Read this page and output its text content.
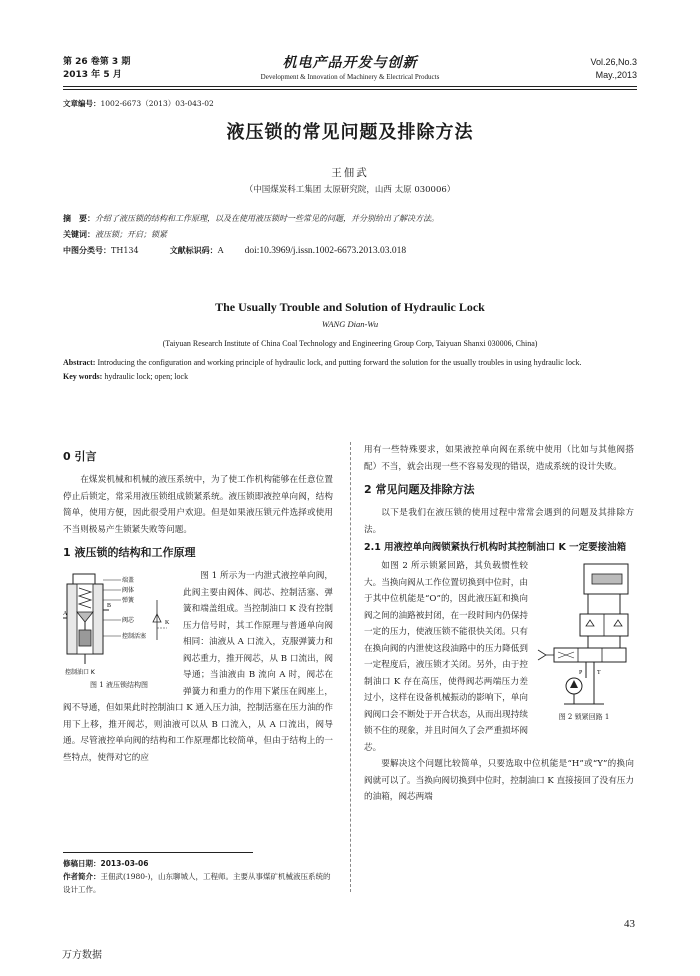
第 26 卷第 3 期
2013 年 5 月
机电产品开发与创新
Development & Innovation of Machinery & Electrical Products
Vol.26,No.3
May.,2013
文章编号：1002-6673（2013）03-043-02
液压锁的常见问题及排除方法
王佃武
（中国煤炭科工集团 太原研究院，山西 太原 030006）
摘　要：介绍了液压锁的结构和工作原理，以及在使用液压锁时一些常见的问题，并分别给出了解决方法。
关键词：液压锁；开启；锁紧
中图分类号：TH134	文献标识码：A doi:10.3969/j.issn.1002-6673.2013.03.018
The Usually Trouble and Solution of Hydraulic Lock
WANG Dian-Wu
(Taiyuan Research Institute of China Coal Technology and Engineering Group Corp, Taiyuan Shanxi 030006, China)
Abstract: Introducing the configuration and working principle of hydraulic lock, and putting forward the solution for the usually troubles in using hydraulic lock.
Key words: hydraulic lock; open; lock
0 引言

在煤炭机械和机械的液压系统中，为了使工作机构能够在任意位置停止后锁定，常采用液压锁组成锁紧系统。液压锁即液控单向阀，结构简单，使用方便，因此很受用户欢迎。但是如果液压锁元件选择或使用不当则极易产生锁紧失败等问题。

1 液压锁的结构和工作原理
端盖
阀体
弹簧
阀芯
控制活塞
控制油口 K
A
B
K
图 1 液压锁结构图

图 1 所示为一内泄式液控单向阀，此阀主要由阀体、阀芯、控制活塞、弹簧和端盖组成。当控制油口 K 没有控制压力信号时，其工作原理与普通单向阀相同：油液从 A 口流入，克服弹簧力和阀芯重力，推开阀芯，从 B 口流出，阀导通；当油液由 B 流向 A 时，阀芯在弹簧力和重力的作用下紧压在阀座上，阀不导通，但如果此时控制油口 K 通入压力油，控制活塞在压力油的作用下上移，推开阀芯，则油液可以从 B 口流入，从 A 口流出，阀导通。尽管液控单向阀的结构和工作原理都比较简单，但由于结构上的一些特点，使得对它的应

用有一些特殊要求，如果液控单向阀在系统中使用（比如与其他阀搭配）不当，就会出现一些不容易发现的错误，造成系统的设计失败。

2 常见问题及排除方法

以下是我们在液压锁的使用过程中常常会遇到的问题及其排除方法。

2.1 用液控单向阀锁紧执行机构时其控制油口 K 一定要接油箱
P T
图 2 锁紧回路 1

如图 2 所示锁紧回路，其负载惯性较大。当换向阀从工作位置切换到中位时，由于其中位机能是“O”的，因此液压缸和换向阀之间的油路被封闭，在一段时间内仍保持一定的压力，使液压锁不能很快关闭。只有在换向阀的内泄使这段油路中的压力降低到一定程度后，液压锁才关闭。另外，由于控制油口 K 存在高压，使得阀芯两端压力差过小，这样在设备机械振动的影响下，单向阀阀口会不断处于开合状态，从而出现持续锁不住的现象，并且时间久了会严重损坏阀芯。

要解决这个问题比较简单，只要选取中位机能是“H”或“Y”的换向阀就可以了。当换向阀切换到中位时，控制油口 K 直接接回了没有压力的油箱，阀芯两端

修稿日期：2013-03-06
作者简介：王佃武(1980-)，山东聊城人，工程师。主要从事煤矿机械液压系统的设计工作。
43
万方数据
